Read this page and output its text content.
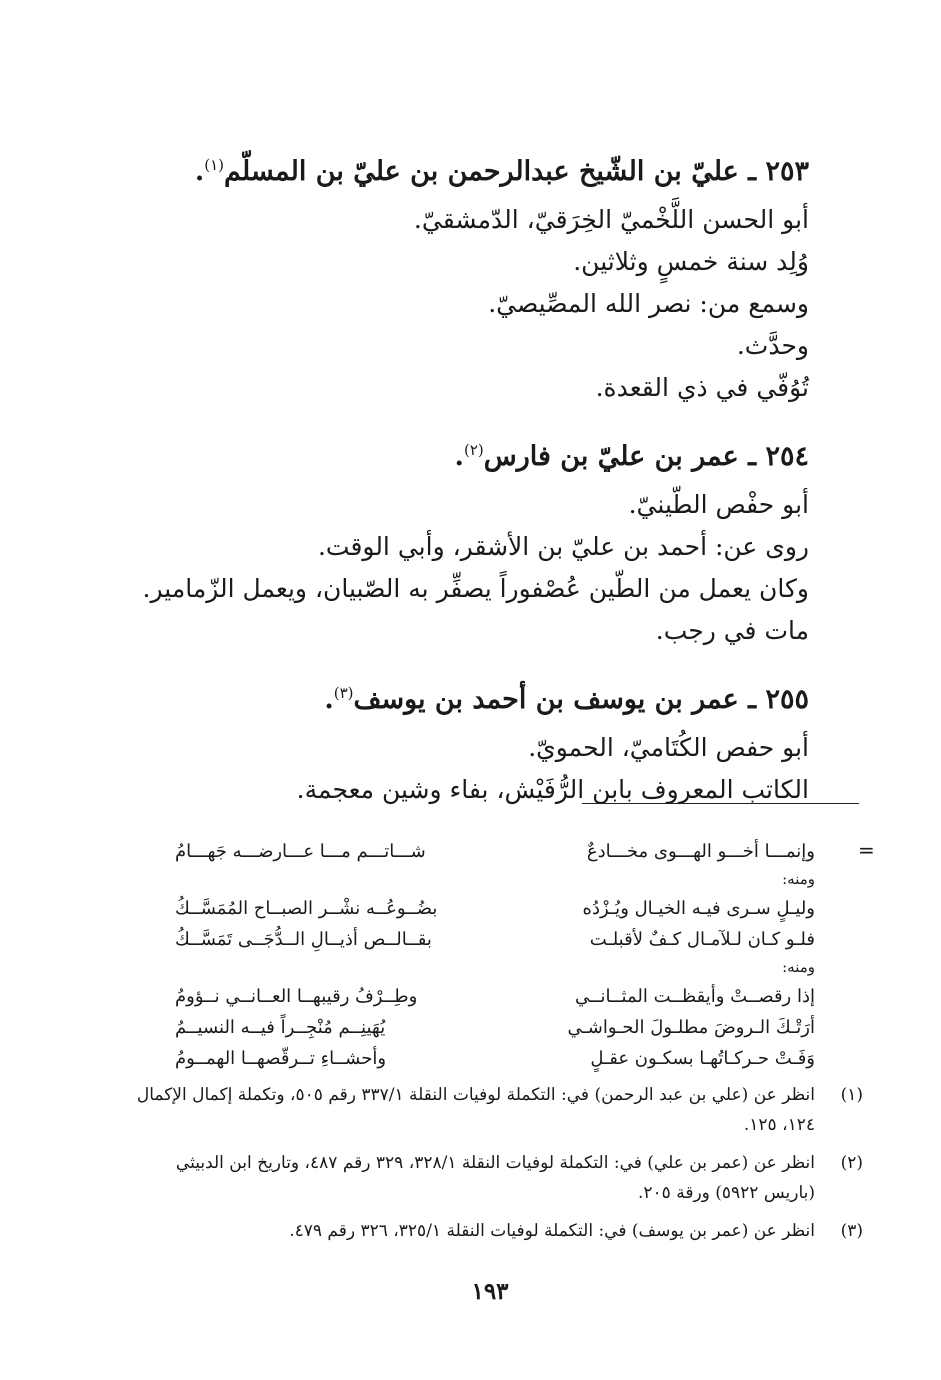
٢٥٣ ـ عليّ بن الشّيخ عبدالرحمن بن عليّ بن المسلّم$^{(١)}$.
أبو الحسن اللَّخْميّ الخِرَقيّ، الدّمشقيّ.
وُلِد سنة خمسٍ وثلاثين.
وسمع من: نصر الله المصِّيصيّ.
وحدَّث.
تُوُفّي في ذي القعدة.
٢٥٤ ـ عمر بن عليّ بن فارس$^{(٢)}$.
أبو حفْص الطّينيّ.
روى عن: أحمد بن عليّ بن الأشقر، وأبي الوقت.
وكان يعمل من الطّين عُصْفوراً يصفِّر به الصّبيان، ويعمل الزّمامير.
مات في رجب.
٢٥٥ ـ عمر بن يوسف بن أحمد بن يوسف$^{(٣)}$.
أبو حفص الكُتَاميّ، الحمويّ.
الكاتب المعروف بابن الرُّفَيْش، بفاء وشين معجمة.
=
وإنمـــا أخـــو الهـــوى مخـــادعٌ
شـــاتـــم مـــا عـــارضـــه جَهـــامُ
ومنه:
وليـلٍ سـرى فيـه الخيـال ويُـزْدُه
بضُــوعُــه نشْــر الصبــاح المُمَسَّــكُ
فلـو كـان لـلآمـال كـفٌ لأقبلـت
بقــالــص أذيــالِ الــدُّجَــى تَمَسَّــكُ
ومنه:
إذا رقصــتْ وأيقظــت المثــانــي
وطِــرْفُ رقيبهــا العــانــي نــؤومُ
أرَتْـكَ الـروضَ مطلـولَ الحـواشـي
يُهَينِــم مُنْجِــراً فيــه النسيــمُ
وَفَـتْ حـركـاتُهـا بسكـون عقـلٍ
وأحشــاءِ تــرقّصهــا الهمــومُ
(١)
انظر عن (علي بن عبد الرحمن) في: التكملة لوفيات النقلة ٣٣٧/١ رقم ٥٠٥، وتكملة إكمال الإكمال ١٢٤، ١٢٥.
(٢)
انظر عن (عمر بن علي) في: التكملة لوفيات النقلة ٣٢٨/١، ٣٢٩ رقم ٤٨٧، وتاريخ ابن الدبيثي (باريس ٥٩٢٢) ورقة ٢٠٥.
(٣)
انظر عن (عمر بن يوسف) في: التكملة لوفيات النقلة ٣٢٥/١، ٣٢٦ رقم ٤٧٩.
١٩٣
